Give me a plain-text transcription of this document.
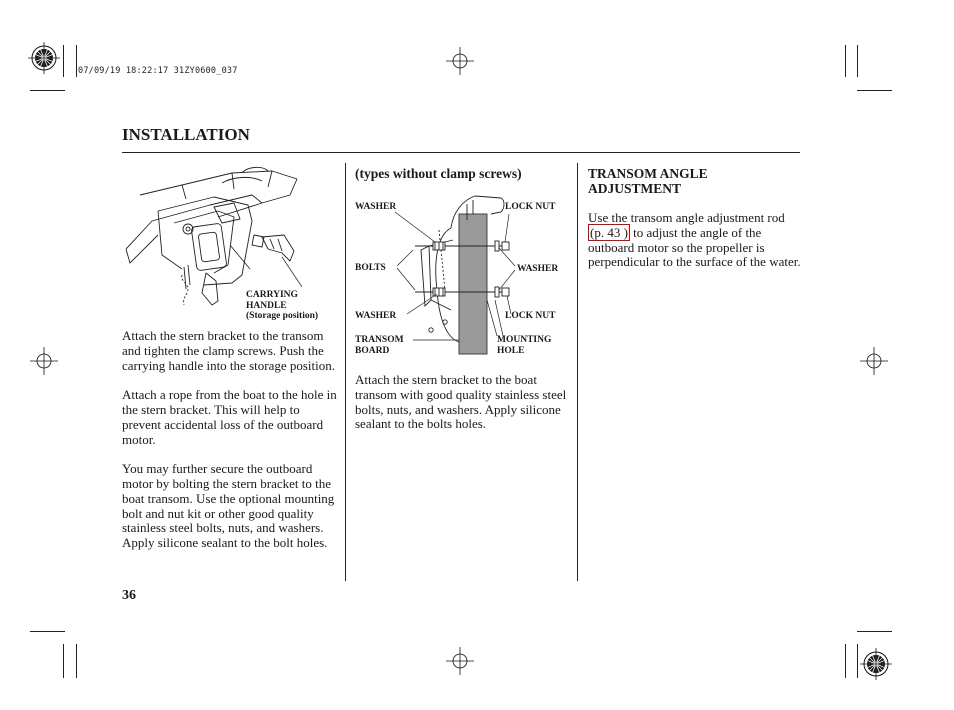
07/09/19 18:22:17 31ZY0600_037
INSTALLATION
CARRYING
HANDLE
(Storage position)

Attach the stern bracket to the transom and tighten the clamp screws. Push the carrying handle into the storage position.

Attach a rope from the boat to the hole in the stern bracket. This will help to prevent accidental loss of the outboard motor.

You may further secure the outboard motor by bolting the stern bracket to the boat transom. Use the optional mounting bolt and nut kit or other good quality stainless steel bolts, nuts, and washers. Apply silicone sealant to the bolt holes.

36
(types without clamp screws)
WASHER	LOCK NUT
BOLTS	WASHER
WASHER	LOCK NUT
TRANSOM
BOARD
MOUNTING
HOLE

Attach the stern bracket to the boat transom with good quality stainless steel bolts, nuts, and washers. Apply silicone sealant to the bolts holes.

TRANSOM ANGLE
ADJUSTMENT
Use the transom angle adjustment rod
(p. 43 ) to adjust the angle of the outboard motor so the propeller is perpendicular to the surface of the water.
